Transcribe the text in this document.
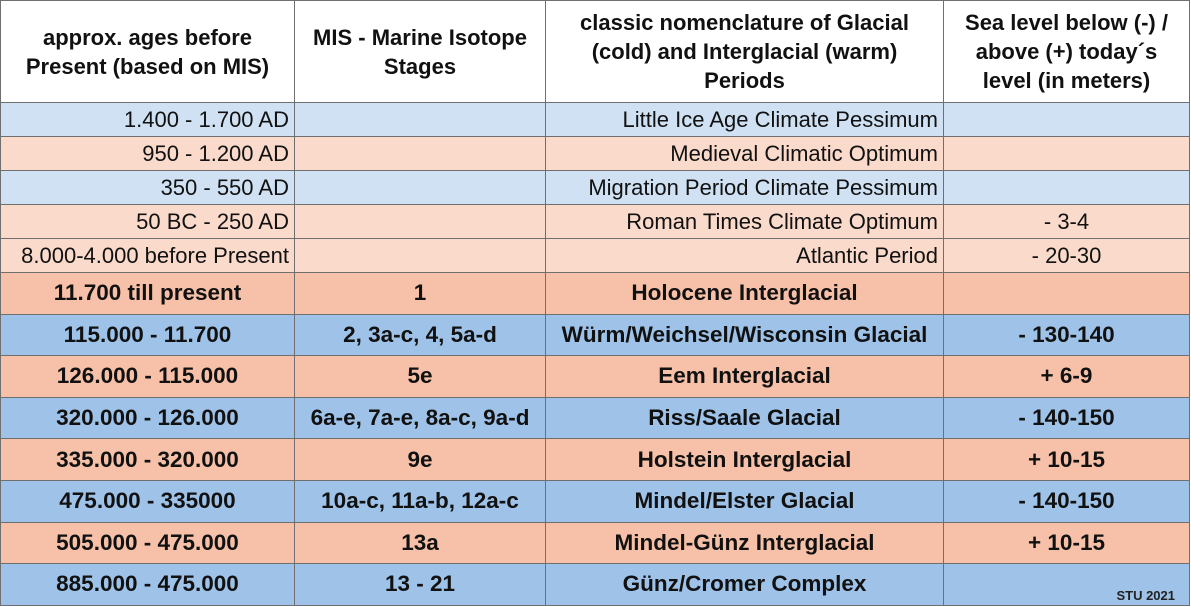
approx. ages before Present (based on MIS)	MIS - Marine Isotope Stages	classic nomenclature of Glacial (cold) and Interglacial (warm) Periods	Sea level below (-) / above (+) today´s level (in meters)
1.400 - 1.700 AD		Little Ice Age Climate Pessimum	
950 - 1.200 AD		Medieval Climatic Optimum	
350 - 550 AD		Migration Period Climate Pessimum	
50 BC - 250 AD		Roman Times Climate Optimum	- 3-4
8.000-4.000 before Present		Atlantic Period	- 20-30
11.700 till present	1	Holocene Interglacial	
115.000 - 11.700	2, 3a-c, 4, 5a-d	Würm/Weichsel/Wisconsin Glacial	- 130-140
126.000 - 115.000	5e	Eem Interglacial	+ 6-9
320.000 - 126.000	6a-e, 7a-e, 8a-c, 9a-d	Riss/Saale Glacial	- 140-150
335.000 - 320.000	9e	Holstein Interglacial	+ 10-15
475.000 - 335000	10a-c, 11a-b, 12a-c	Mindel/Elster Glacial	- 140-150
505.000 - 475.000	13a	Mindel-Günz Interglacial	+ 10-15
885.000 - 475.000	13 - 21	Günz/Cromer Complex	STU 2021
